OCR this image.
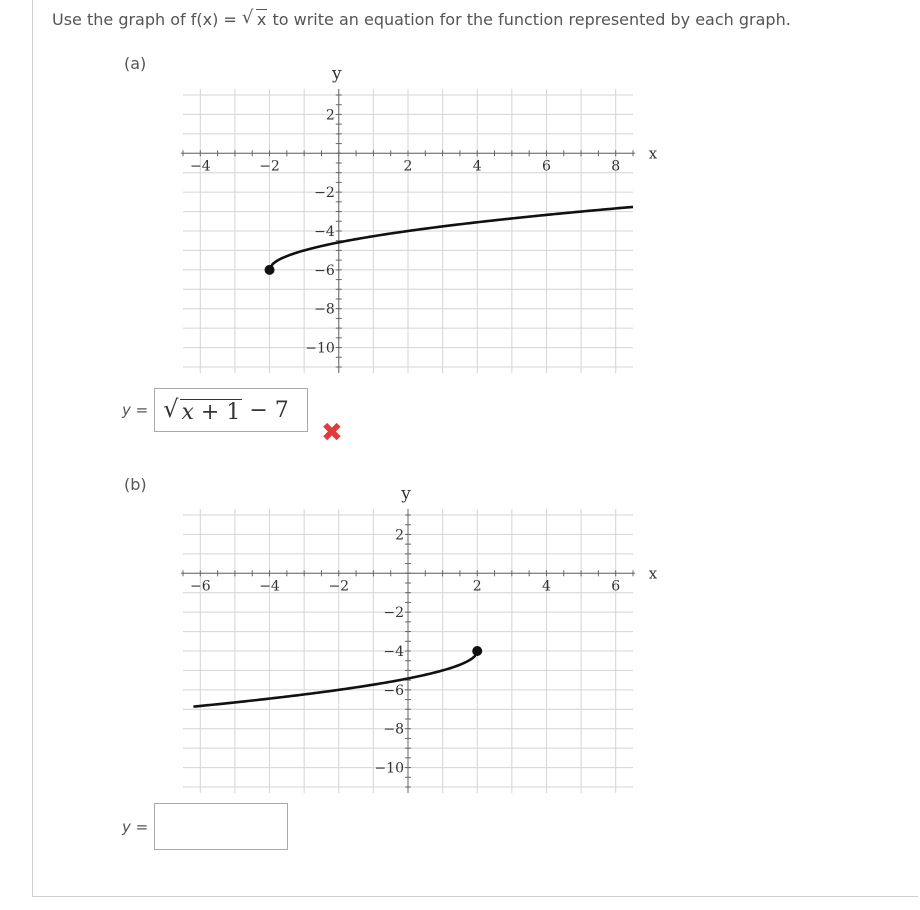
Use the graph of f(x) = √ x to write an equation for the function represented by each graph.
(a)
−4	−2	2	4	6	8
2
−2
−4
−6
−8
−10
x
y
y = √ x + 1 − 7
✖
(b)
−6	−4	−2	2	4	6
2
−2
−4
−6
−8
−10
x
y
y =
